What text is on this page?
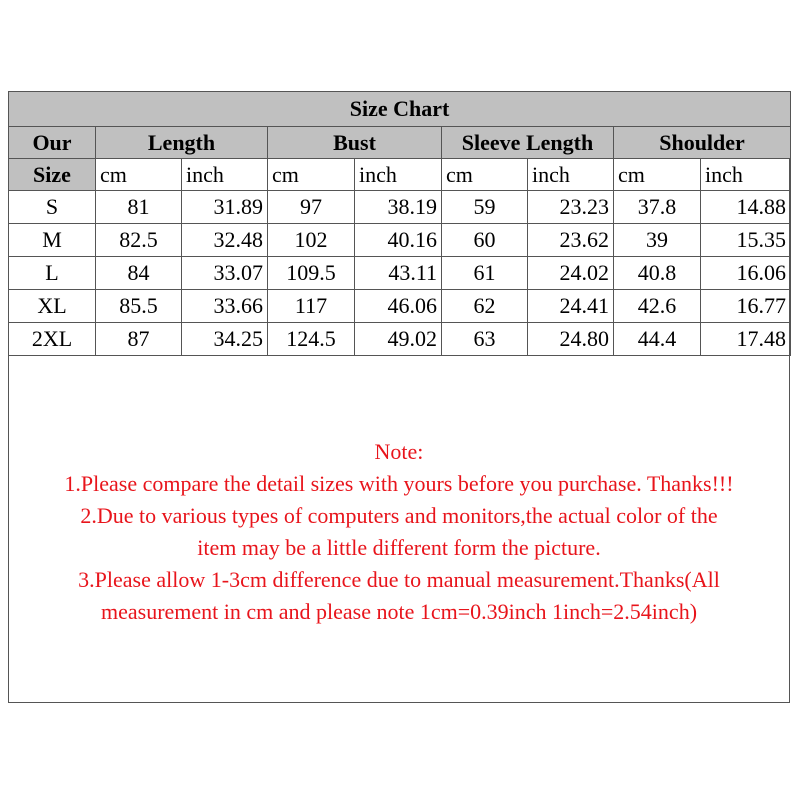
Size Chart								
Our	Length		Bust		Sleeve Length		Shoulder	
Size	cm	inch	cm	inch	cm	inch	cm	inch
S	81	31.89	97	38.19	59	23.23	37.8	14.88
M	82.5	32.48	102	40.16	60	23.62	39	15.35
L	84	33.07	109.5	43.11	61	24.02	40.8	16.06
XL	85.5	33.66	117	46.06	62	24.41	42.6	16.77
2XL	87	34.25	124.5	49.02	63	24.80	44.4	17.48
Note:
1.Please compare the detail sizes with yours before you purchase. Thanks!!!
2.Due to various types of computers and monitors,the actual color of the
item may be a little different form the picture.
3.Please allow 1-3cm difference due to manual measurement.Thanks(All
measurement in cm and please note 1cm=0.39inch 1inch=2.54inch)
